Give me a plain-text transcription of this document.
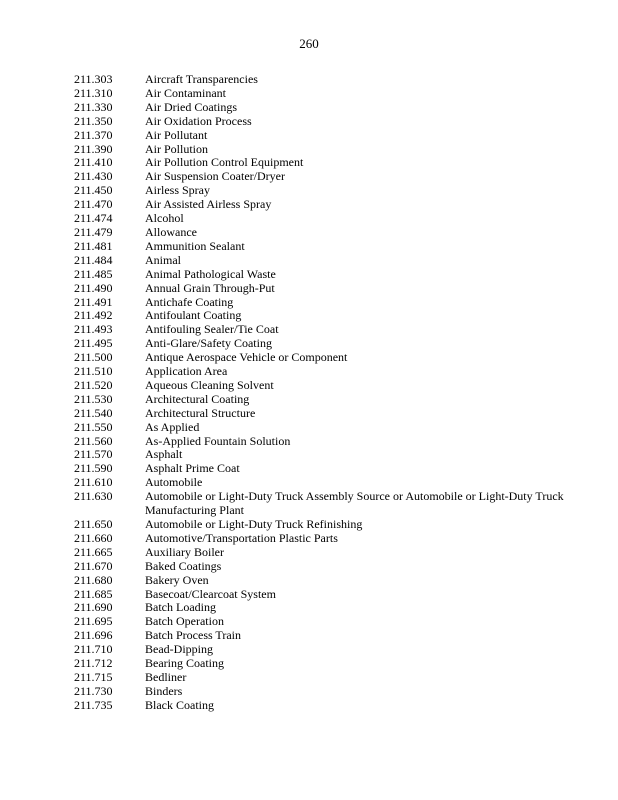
260
211.303	Aircraft Transparencies
211.310	Air Contaminant
211.330	Air Dried Coatings
211.350	Air Oxidation Process
211.370	Air Pollutant
211.390	Air Pollution
211.410	Air Pollution Control Equipment
211.430	Air Suspension Coater/Dryer
211.450	Airless Spray
211.470	Air Assisted Airless Spray
211.474	Alcohol
211.479	Allowance
211.481	Ammunition Sealant
211.484	Animal
211.485	Animal Pathological Waste
211.490	Annual Grain Through-Put
211.491	Antichafe Coating
211.492	Antifoulant Coating
211.493	Antifouling Sealer/Tie Coat
211.495	Anti-Glare/Safety Coating
211.500	Antique Aerospace Vehicle or Component
211.510	Application Area
211.520	Aqueous Cleaning Solvent
211.530	Architectural Coating
211.540	Architectural Structure
211.550	As Applied
211.560	As-Applied Fountain Solution
211.570	Asphalt
211.590	Asphalt Prime Coat
211.610	Automobile
211.630	Automobile or Light-Duty Truck Assembly Source or Automobile or Light-Duty Truck Manufacturing Plant
211.650	Automobile or Light-Duty Truck Refinishing
211.660	Automotive/Transportation Plastic Parts
211.665	Auxiliary Boiler
211.670	Baked Coatings
211.680	Bakery Oven
211.685	Basecoat/Clearcoat System
211.690	Batch Loading
211.695	Batch Operation
211.696	Batch Process Train
211.710	Bead-Dipping
211.712	Bearing Coating
211.715	Bedliner
211.730	Binders
211.735	Black Coating
